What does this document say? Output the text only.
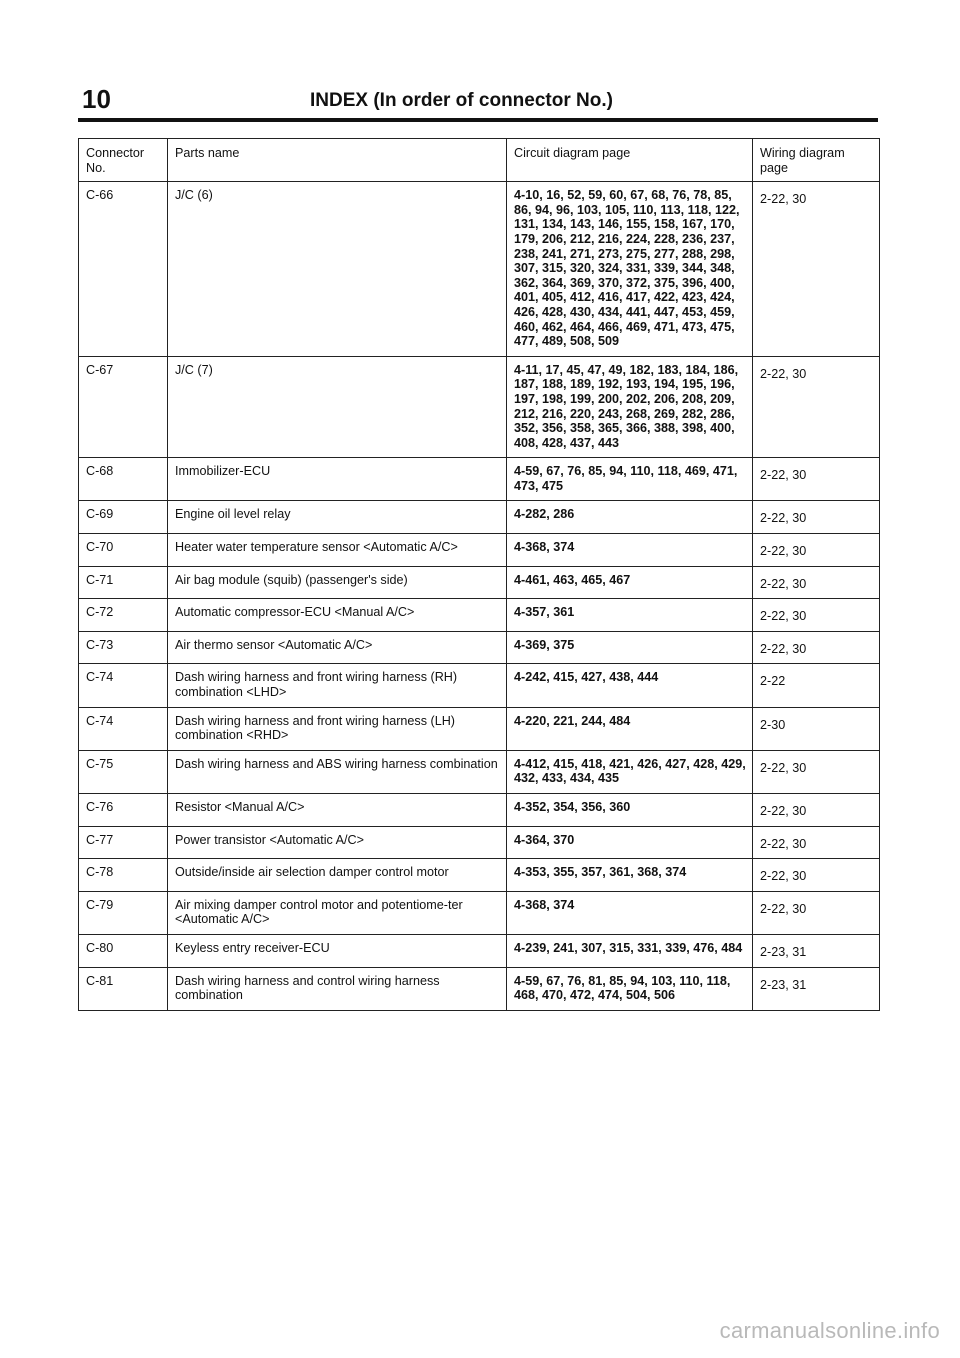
10	INDEX (In order of connector No.)
Connector No.	Parts name	Circuit diagram page	Wiring diagram page
C-66	J/C (6)	4-10, 16, 52, 59, 60, 67, 68, 76, 78, 85, 86, 94, 96, 103, 105, 110, 113, 118, 122, 131, 134, 143, 146, 155, 158, 167, 170, 179, 206, 212, 216, 224, 228, 236, 237, 238, 241, 271, 273, 275, 277, 288, 298, 307, 315, 320, 324, 331, 339, 344, 348, 362, 364, 369, 370, 372, 375, 396, 400, 401, 405, 412, 416, 417, 422, 423, 424, 426, 428, 430, 434, 441, 447, 453, 459, 460, 462, 464, 466, 469, 471, 473, 475, 477, 489, 508, 509	2-22, 30
C-67	J/C (7)	4-11, 17, 45, 47, 49, 182, 183, 184, 186, 187, 188, 189, 192, 193, 194, 195, 196, 197, 198, 199, 200, 202, 206, 208, 209, 212, 216, 220, 243, 268, 269, 282, 286, 352, 356, 358, 365, 366, 388, 398, 400, 408, 428, 437, 443	2-22, 30
C-68	Immobilizer-ECU	4-59, 67, 76, 85, 94, 110, 118, 469, 471, 473, 475	2-22, 30
C-69	Engine oil level relay	4-282, 286	2-22, 30
C-70	Heater water temperature sensor <Automatic A/C>	4-368, 374	2-22, 30
C-71	Air bag module (squib) (passenger's side)	4-461, 463, 465, 467	2-22, 30
C-72	Automatic compressor-ECU <Manual A/C>	4-357, 361	2-22, 30
C-73	Air thermo sensor <Automatic A/C>	4-369, 375	2-22, 30
C-74	Dash wiring harness and front wiring harness (RH) combination <LHD>	4-242, 415, 427, 438, 444	2-22
C-74	Dash wiring harness and front wiring harness (LH) combination <RHD>	4-220, 221, 244, 484	2-30
C-75	Dash wiring harness and ABS wiring harness combination	4-412, 415, 418, 421, 426, 427, 428, 429, 432, 433, 434, 435	2-22, 30
C-76	Resistor <Manual A/C>	4-352, 354, 356, 360	2-22, 30
C-77	Power transistor <Automatic A/C>	4-364, 370	2-22, 30
C-78	Outside/inside air selection damper control motor	4-353, 355, 357, 361, 368, 374	2-22, 30
C-79	Air mixing damper control motor and potentiome-ter <Automatic A/C>	4-368, 374	2-22, 30
C-80	Keyless entry receiver-ECU	4-239, 241, 307, 315, 331, 339, 476, 484	2-23, 31
C-81	Dash wiring harness and control wiring harness combination	4-59, 67, 76, 81, 85, 94, 103, 110, 118, 468, 470, 472, 474, 504, 506	2-23, 31
carmanualsonline.info
